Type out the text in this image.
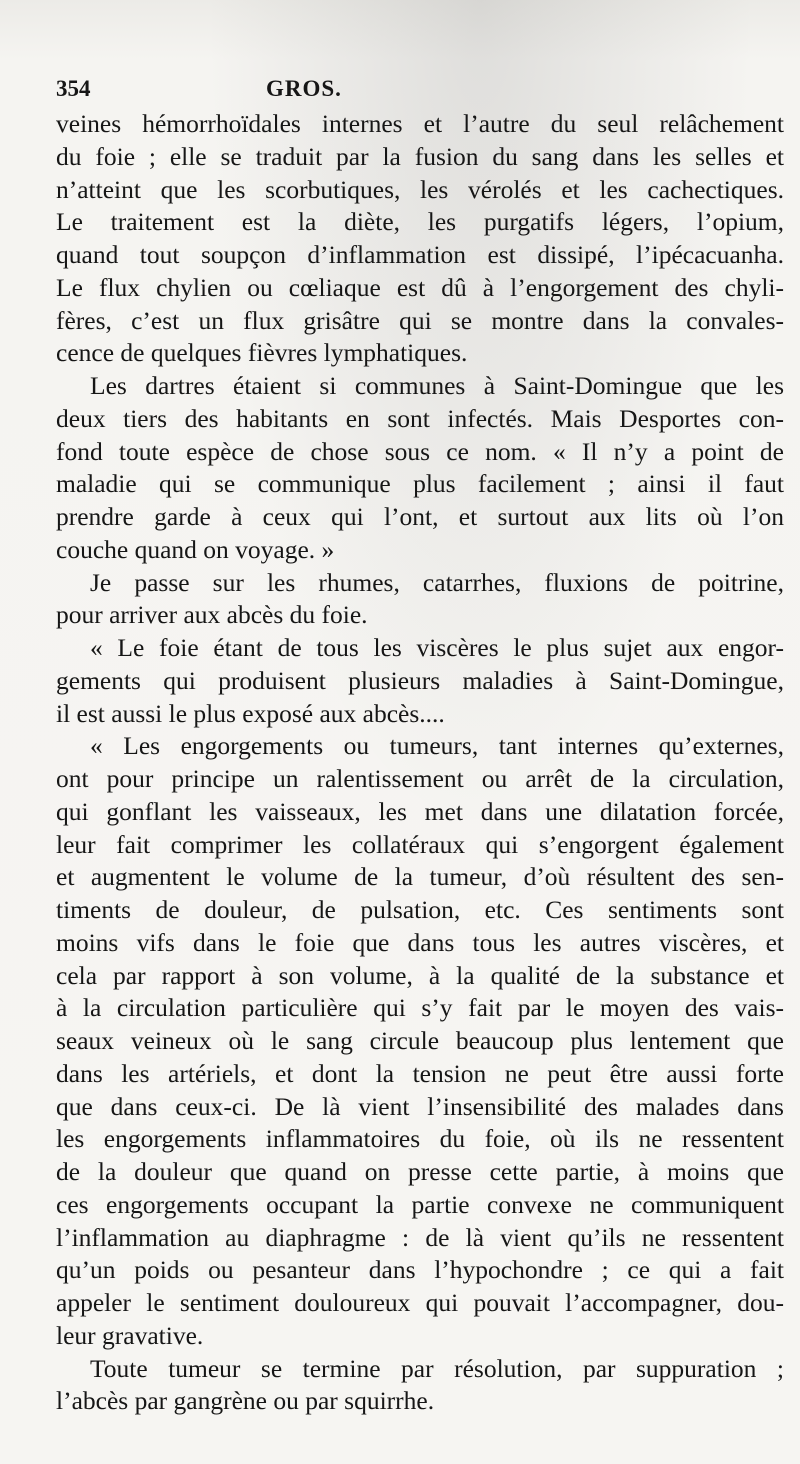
354	GROS.
veines hémorrhoïdales internes et l’autre du seul relâchement
du foie ; elle se traduit par la fusion du sang dans les selles et
n’atteint que les scorbutiques, les vérolés et les cachectiques.
Le traitement est la diète, les purgatifs légers, l’opium,
quand tout soupçon d’inflammation est dissipé, l’ipécacuanha.
Le flux chylien ou cœliaque est dû à l’engorgement des chyli-
fères, c’est un flux grisâtre qui se montre dans la convales-
cence de quelques fièvres lymphatiques.
Les dartres étaient si communes à Saint-Domingue que les
deux tiers des habitants en sont infectés. Mais Desportes con-
fond toute espèce de chose sous ce nom. « Il n’y a point de
maladie qui se communique plus facilement ; ainsi il faut
prendre garde à ceux qui l’ont, et surtout aux lits où l’on
couche quand on voyage. »
Je passe sur les rhumes, catarrhes, fluxions de poitrine,
pour arriver aux abcès du foie.
« Le foie étant de tous les viscères le plus sujet aux engor-
gements qui produisent plusieurs maladies à Saint-Domingue,
il est aussi le plus exposé aux abcès....
« Les engorgements ou tumeurs, tant internes qu’externes,
ont pour principe un ralentissement ou arrêt de la circulation,
qui gonflant les vaisseaux, les met dans une dilatation forcée,
leur fait comprimer les collatéraux qui s’engorgent également
et augmentent le volume de la tumeur, d’où résultent des sen-
timents de douleur, de pulsation, etc. Ces sentiments sont
moins vifs dans le foie que dans tous les autres viscères, et
cela par rapport à son volume, à la qualité de la substance et
à la circulation particulière qui s’y fait par le moyen des vais-
seaux veineux où le sang circule beaucoup plus lentement que
dans les artériels, et dont la tension ne peut être aussi forte
que dans ceux-ci. De là vient l’insensibilité des malades dans
les engorgements inflammatoires du foie, où ils ne ressentent
de la douleur que quand on presse cette partie, à moins que
ces engorgements occupant la partie convexe ne communiquent
l’inflammation au diaphragme : de là vient qu’ils ne ressentent
qu’un poids ou pesanteur dans l’hypochondre ; ce qui a fait
appeler le sentiment douloureux qui pouvait l’accompagner, dou-
leur gravative.
Toute tumeur se termine par résolution, par suppuration ;
l’abcès par gangrène ou par squirrhe.
